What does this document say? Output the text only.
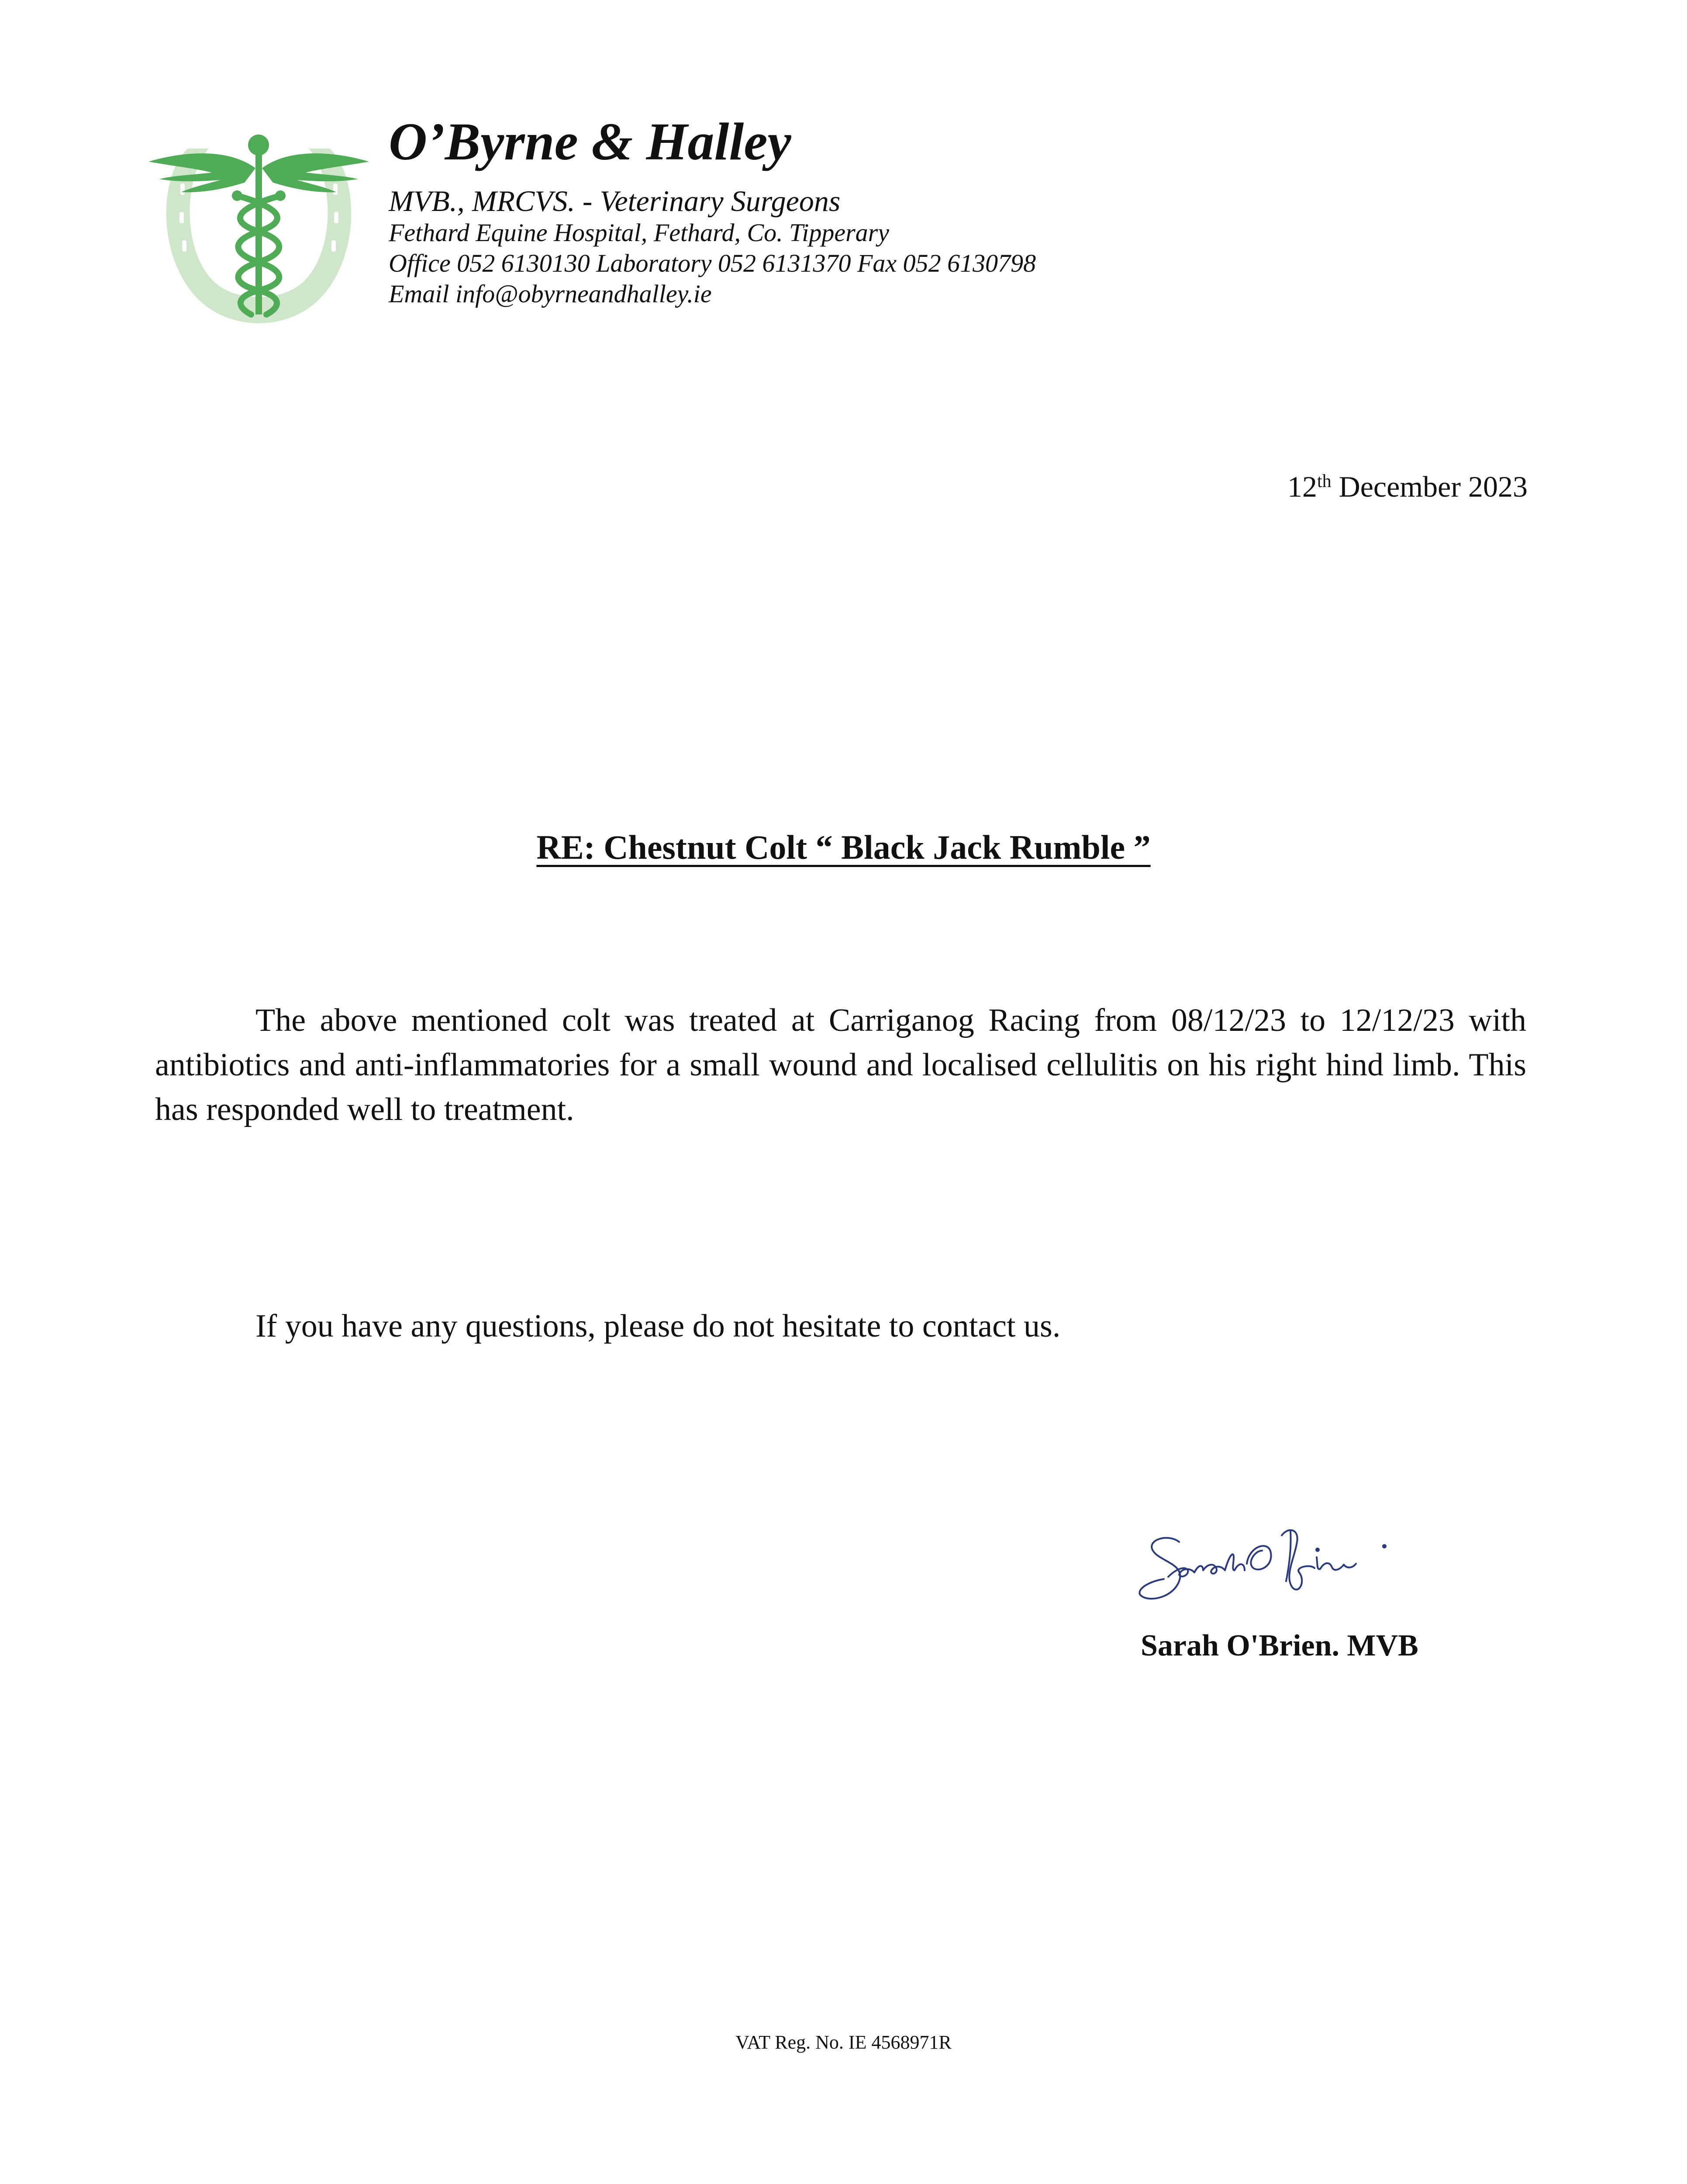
O’Byrne & Halley
MVB., MRCVS. - Veterinary Surgeons
Fethard Equine Hospital, Fethard, Co. Tipperary
Office 052 6130130 Laboratory 052 6131370 Fax 052 6130798
Email info@obyrneandhalley.ie
12th December 2023
RE: Chestnut Colt “ Black Jack Rumble ”

The above mentioned colt was treated at Carriganog Racing from 08/12/23 to 12/12/23 with antibiotics and anti-inflammatories for a small wound and localised cellulitis on his right hind limb. This has responded well to treatment.

If you have any questions, please do not hesitate to contact us.

Sarah O'Brien. MVB
VAT Reg. No. IE 4568971R
